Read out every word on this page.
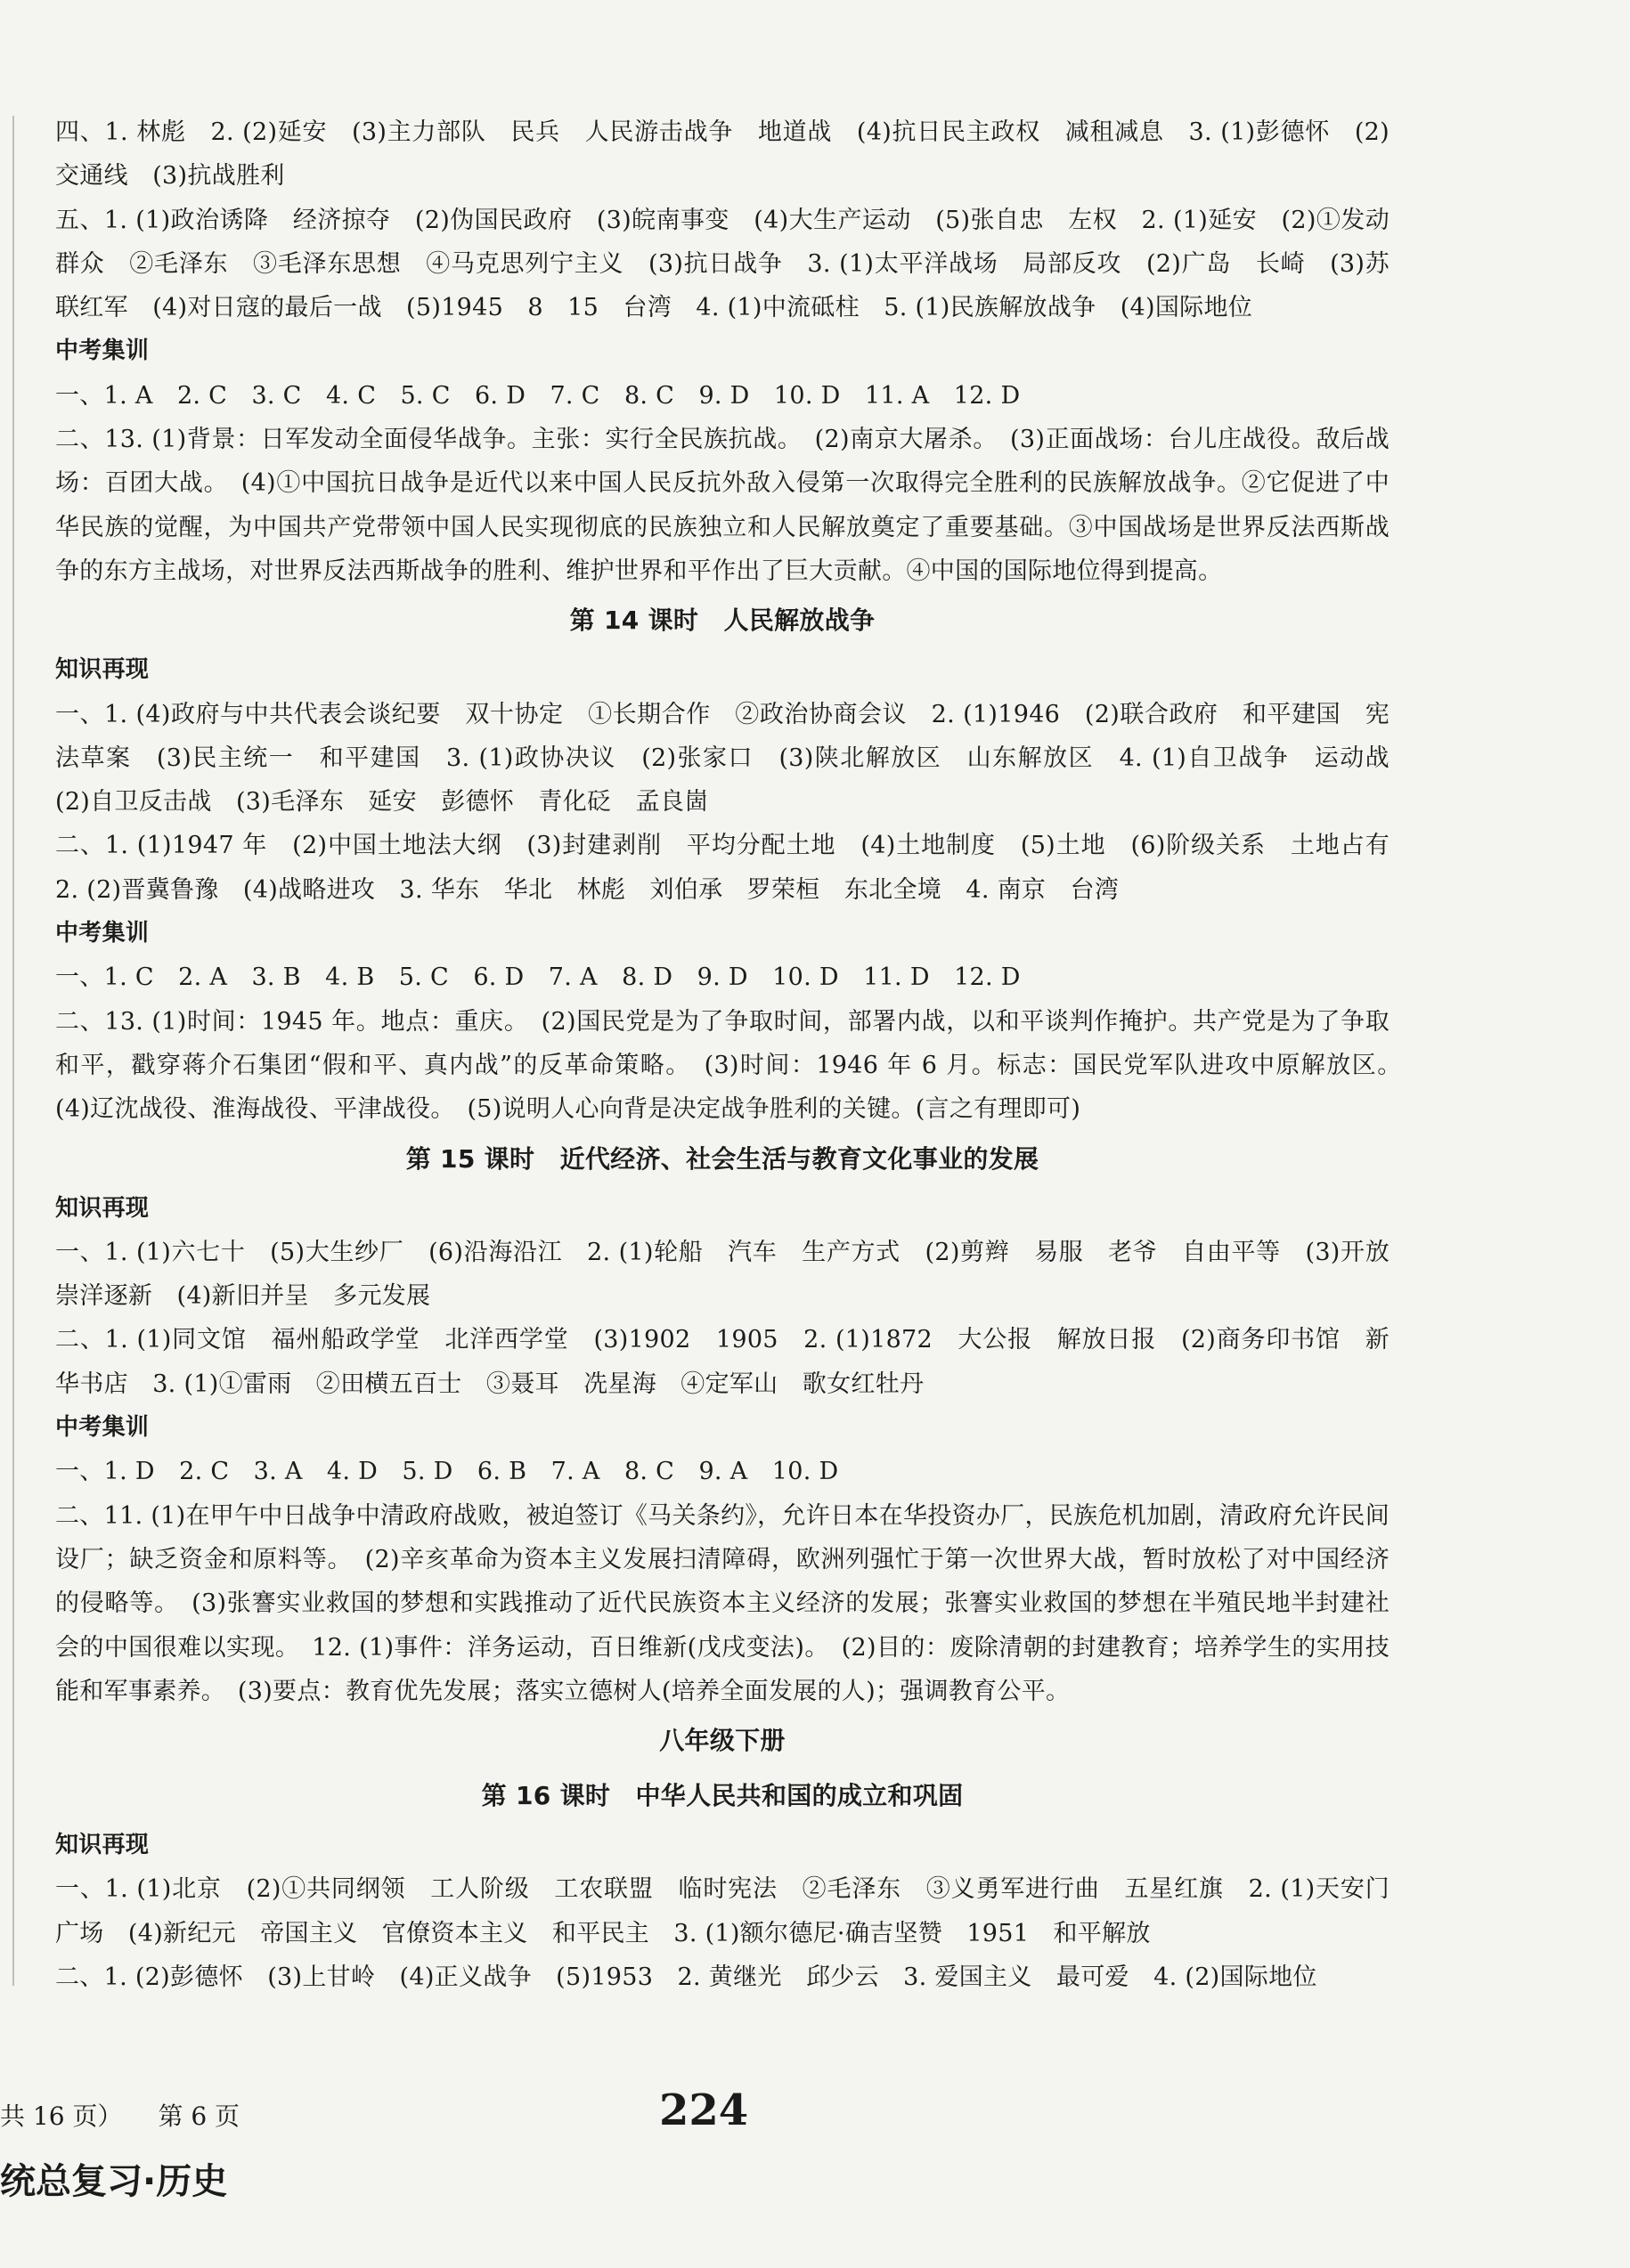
四、1. 林彪　2. (2)延安　(3)主力部队　民兵　人民游击战争　地道战　(4)抗日民主政权　减租减息　3. (1)彭德怀　(2)交通线　(3)抗战胜利

五、1. (1)政治诱降　经济掠夺　(2)伪国民政府　(3)皖南事变　(4)大生产运动　(5)张自忠　左权　2. (1)延安　(2)①发动群众　②毛泽东　③毛泽东思想　④马克思列宁主义　(3)抗日战争　3. (1)太平洋战场　局部反攻　(2)广岛　长崎　(3)苏联红军　(4)对日寇的最后一战　(5)1945　8　15　台湾　4. (1)中流砥柱　5. (1)民族解放战争　(4)国际地位

中考集训

一、1. A　2. C　3. C　4. C　5. C　6. D　7. C　8. C　9. D　10. D　11. A　12. D

二、13. (1)背景：日军发动全面侵华战争。主张：实行全民族抗战。　(2)南京大屠杀。　(3)正面战场：台儿庄战役。敌后战场：百团大战。　(4)①中国抗日战争是近代以来中国人民反抗外敌入侵第一次取得完全胜利的民族解放战争。②它促进了中华民族的觉醒，为中国共产党带领中国人民实现彻底的民族独立和人民解放奠定了重要基础。③中国战场是世界反法西斯战争的东方主战场，对世界反法西斯战争的胜利、维护世界和平作出了巨大贡献。④中国的国际地位得到提高。

第 14 课时　人民解放战争
知识再现

一、1. (4)政府与中共代表会谈纪要　双十协定　①长期合作　②政治协商会议　2. (1)1946　(2)联合政府　和平建国　宪法草案　(3)民主统一　和平建国　3. (1)政协决议　(2)张家口　(3)陕北解放区　山东解放区　4. (1)自卫战争　运动战　(2)自卫反击战　(3)毛泽东　延安　彭德怀　青化砭　孟良崮

二、1. (1)1947 年　(2)中国土地法大纲　(3)封建剥削　平均分配土地　(4)土地制度　(5)土地　(6)阶级关系　土地占有　2. (2)晋冀鲁豫　(4)战略进攻　3. 华东　华北　林彪　刘伯承　罗荣桓　东北全境　4. 南京　台湾

中考集训

一、1. C　2. A　3. B　4. B　5. C　6. D　7. A　8. D　9. D　10. D　11. D　12. D

二、13. (1)时间：1945 年。地点：重庆。　(2)国民党是为了争取时间，部署内战，以和平谈判作掩护。共产党是为了争取和平，戳穿蒋介石集团“假和平、真内战”的反革命策略。　(3)时间：1946 年 6 月。标志：国民党军队进攻中原解放区。　(4)辽沈战役、淮海战役、平津战役。　(5)说明人心向背是决定战争胜利的关键。(言之有理即可)

第 15 课时　近代经济、社会生活与教育文化事业的发展
知识再现

一、1. (1)六七十　(5)大生纱厂　(6)沿海沿江　2. (1)轮船　汽车　生产方式　(2)剪辫　易服　老爷　自由平等　(3)开放　崇洋逐新　(4)新旧并呈　多元发展

二、1. (1)同文馆　福州船政学堂　北洋西学堂　(3)1902　1905　2. (1)1872　大公报　解放日报　(2)商务印书馆　新华书店　3. (1)①雷雨　②田横五百士　③聂耳　冼星海　④定军山　歌女红牡丹

中考集训

一、1. D　2. C　3. A　4. D　5. D　6. B　7. A　8. C　9. A　10. D

二、11. (1)在甲午中日战争中清政府战败，被迫签订《马关条约》，允许日本在华投资办厂，民族危机加剧，清政府允许民间设厂；缺乏资金和原料等。　(2)辛亥革命为资本主义发展扫清障碍，欧洲列强忙于第一次世界大战，暂时放松了对中国经济的侵略等。　(3)张謇实业救国的梦想和实践推动了近代民族资本主义经济的发展；张謇实业救国的梦想在半殖民地半封建社会的中国很难以实现。　12. (1)事件：洋务运动，百日维新(戊戌变法)。　(2)目的：废除清朝的封建教育；培养学生的实用技能和军事素养。　(3)要点：教育优先发展；落实立德树人(培养全面发展的人)；强调教育公平。

八年级下册
第 16 课时　中华人民共和国的成立和巩固
知识再现

一、1. (1)北京　(2)①共同纲领　工人阶级　工农联盟　临时宪法　②毛泽东　③义勇军进行曲　五星红旗　2. (1)天安门广场　(4)新纪元　帝国主义　官僚资本主义　和平民主　3. (1)额尔德尼·确吉坚赞　1951　和平解放

二、1. (2)彭德怀　(3)上甘岭　(4)正义战争　(5)1953　2. 黄继光　邱少云　3. 爱国主义　最可爱　4. (2)国际地位

共 16 页） 第 6 页	224
统总复习·历史
